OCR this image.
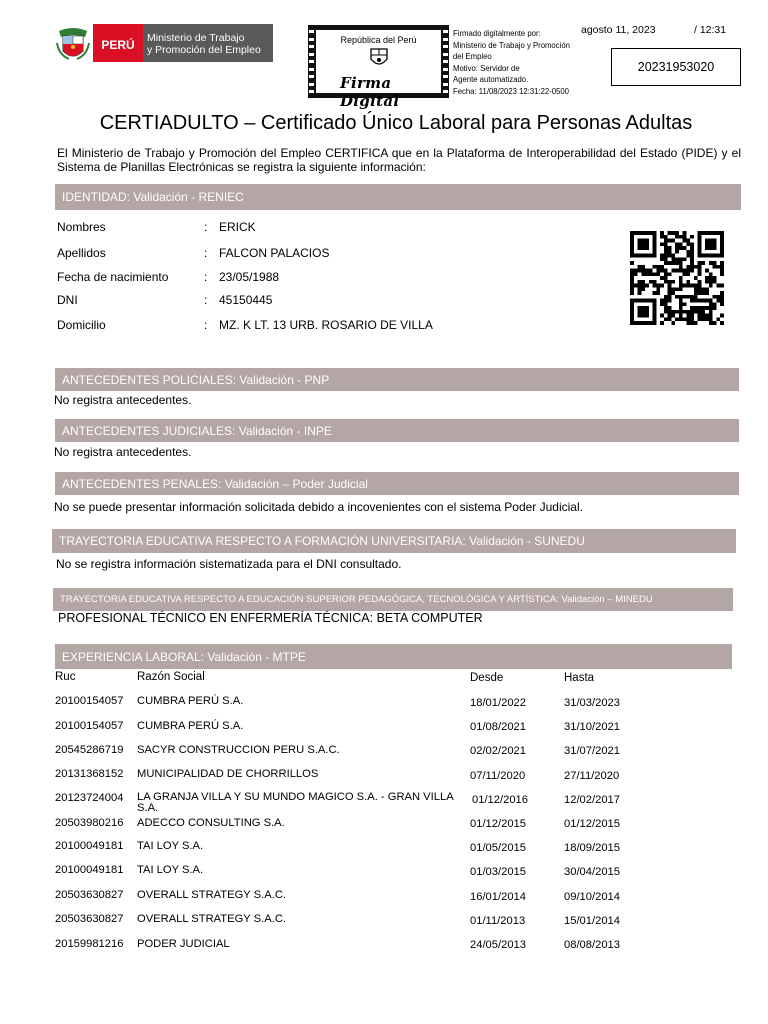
PERÚ Ministerio de Trabajo
y Promoción del Empleo
República del Perú
Firma Digital
Firmado digitalmente por:
Ministerio de Trabajo y Promoción
del Empleo
Motivo: Servidor de
Agente automatizado.
Fecha: 11/08/2023 12:31:22-0500
agosto 11, 2023	/ 12:31
20231953020
CERTIADULTO – Certificado Único Laboral para Personas Adultas
El Ministerio de Trabajo y Promoción del Empleo CERTIFICA que en la Plataforma de Interoperabilidad del Estado (PIDE) y el Sistema de Planillas Electrónicas se registra la siguiente información:
IDENTIDAD: Validación - RENIEC
Nombres	: ERICK
Apellidos	: FALCON PALACIOS
Fecha de nacimiento	: 23/05/1988
DNI	: 45150445
Domicilio	: MZ. K LT. 13 URB. ROSARIO DE VILLA
ANTECEDENTES POLICIALES: Validación - PNP
No registra antecedentes.
ANTECEDENTES JUDICIALES: Validación - INPE
No registra antecedentes.
ANTECEDENTES PENALES: Validación – Poder Judicial
No se puede presentar información solicitada debido a incovenientes con el sistema Poder Judicial.
TRAYECTORIA EDUCATIVA RESPECTO A FORMACIÓN UNIVERSITARIA: Validación - SUNEDU
No se registra información sistematizada para el DNI consultado.
TRAYECTORIA EDUCATIVA RESPECTO A EDUCACIÓN SUPERIOR PEDAGÓGICA, TECNOLÓGICA Y ARTÍSTICA: Validación – MINEDU
PROFESIONAL TÉCNICO EN ENFERMERÍA TÉCNICA: BETA COMPUTER
EXPERIENCIA LABORAL: Validación - MTPE
Ruc	Razón Social	Desde	Hasta
20100154057 CUMBRA PERÚ S.A.	18/01/2022	31/03/2023
20100154057 CUMBRA PERÚ S.A.	01/08/2021	31/10/2021
20545286719 SACYR CONSTRUCCION PERU S.A.C.	02/02/2021	31/07/2021
20131368152 MUNICIPALIDAD DE CHORRILLOS	07/11/2020	27/11/2020
20123724004 LA GRANJA VILLA Y SU MUNDO MAGICO S.A. - GRAN VILLA S.A.
01/12/2016	12/02/2017
20503980216 ADECCO CONSULTING S.A.	01/12/2015	01/12/2015
20100049181 TAI LOY S.A.	01/05/2015	18/09/2015
20100049181 TAI LOY S.A.	01/03/2015	30/04/2015
20503630827 OVERALL STRATEGY S.A.C.	16/01/2014	09/10/2014
20503630827 OVERALL STRATEGY S.A.C.	01/11/2013	15/01/2014
20159981216 PODER JUDICIAL	24/05/2013	08/08/2013
